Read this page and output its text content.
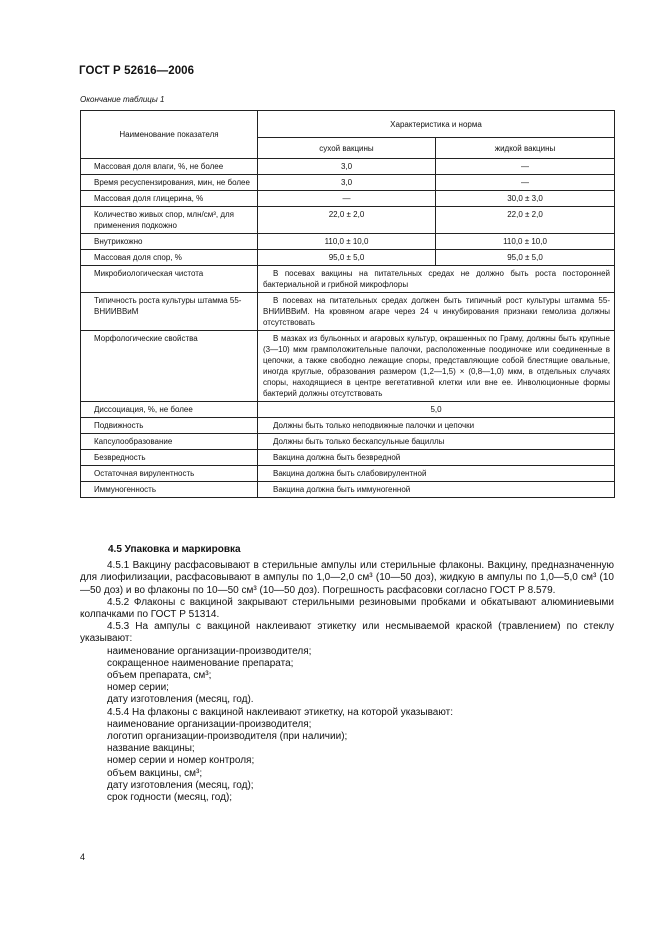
ГОСТ Р 52616—2006
Окончание таблицы 1
Наименование показателя	Характеристика и норма	
	сухой вакцины	жидкой вакцины
Массовая доля влаги, %, не более	3,0	—
Время ресуспензирования, мин, не более	3,0	—
Массовая доля глицерина, %	—	30,0 ± 3,0
Количество живых спор, млн/см³, для применения подкожно	22,0 ± 2,0	22,0 ± 2,0
Внутрикожно	110,0 ± 10,0	110,0 ± 10,0
Массовая доля спор, %	95,0 ± 5,0	95,0 ± 5,0
Микробиологическая чистота	В посевах вакцины на питательных средах не должно быть роста посторонней бактериальной и грибной микрофлоры	
Типичность роста культуры штамма 55-ВНИИВВиМ	В посевах на питательных средах должен быть типичный рост культуры штамма 55-ВНИИВВиМ. На кровяном агаре через 24 ч инкубирования признаки гемолиза должны отсутствовать	
Морфологические свойства	В мазках из бульонных и агаровых культур, окрашенных по Граму, должны быть крупные (3—10) мкм грамположительные палочки, расположенные поодиночке или соединенные в цепочки, а также свободно лежащие споры, представляющие собой блестящие овальные, иногда круглые, образования размером (1,2—1,5) × (0,8—1,0) мкм, в отдельных случаях споры, находящиеся в центре вегетативной клетки или вне ее. Инволюционные формы бактерий должны отсутствовать	
Диссоциация, %, не более	5,0	
Подвижность	Должны быть только неподвижные палочки и цепочки	
Капсулообразование	Должны быть только бескапсульные бациллы	
Безвредность	Вакцина должна быть безвредной	
Остаточная вирулентность	Вакцина должна быть слабовирулентной	
Иммуногенность	Вакцина должна быть иммуногенной	

4.5 Упаковка и маркировка

4.5.1 Вакцину расфасовывают в стерильные ампулы или стерильные флаконы. Вакцину, предназначенную для лиофилизации, расфасовывают в ампулы по 1,0—2,0 см³ (10—50 доз), жидкую в ампулы по 1,0—5,0 см³ (10—50 доз) и во флаконы по 10—50 см³ (10—50 доз). Погрешность расфасовки согласно ГОСТ Р 8.579.

4.5.2 Флаконы с вакциной закрывают стерильными резиновыми пробками и обкатывают алюминиевыми колпачками по ГОСТ Р 51314.

4.5.3 На ампулы с вакциной наклеивают этикетку или несмываемой краской (травлением) по стеклу указывают:

наименование организации-производителя;

сокращенное наименование препарата;

объем препарата, см³;

номер серии;

дату изготовления (месяц, год).

4.5.4 На флаконы с вакциной наклеивают этикетку, на которой указывают:

наименование организации-производителя;

логотип организации-производителя (при наличии);

название вакцины;

номер серии и номер контроля;

объем вакцины, см³;

дату изготовления (месяц, год);

срок годности (месяц, год);

4
